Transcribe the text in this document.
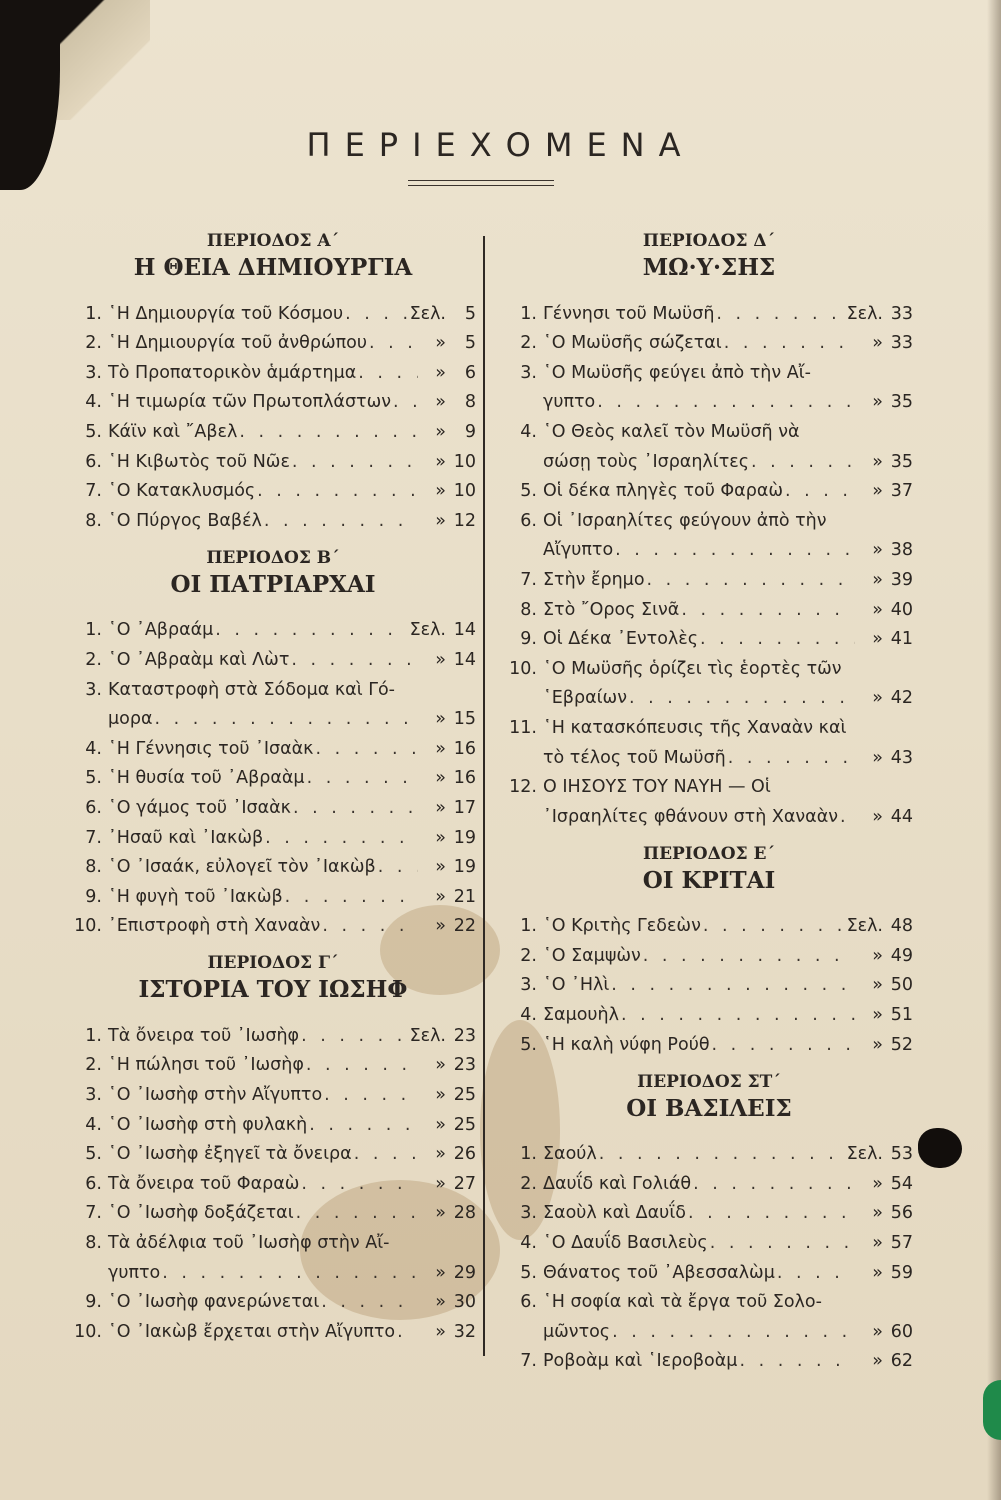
ΠΕΡΙΕΧΟΜΕΝΑ
ΠΕΡΙΟΔΟΣ Α΄
Η ΘΕΙΑ ΔΗΜΙΟΥΡΓΙΑ
1. ῾Η Δημιουργία τοῦ Κόσμου . . .	Σελ. 5
2. ῾Η Δημιουργία τοῦ ἀνθρώπου . . .	» 5
3. Τὸ Προπατορικὸν ἁμάρτημα . . .	» 6
4. ῾Η τιμωρία τῶν Πρωτοπλάστων . . .	» 8
5. Κάϊν καὶ ῎Αβελ . . .	» 9
6. ῾Η Κιβωτὸς τοῦ Νῶε . . .	» 10
7. ῾Ο Κατακλυσμός . . .	» 10
8. ῾Ο Πύργος Βαβέλ . . .	» 12
ΠΕΡΙΟΔΟΣ Β΄
ΟΙ ΠΑΤΡΙΑΡΧΑΙ
1. ῾Ο ᾿Αβραάμ . . .	Σελ. 14
2. ῾Ο ᾿Αβραὰμ καὶ Λὼτ . . .	» 14
3. Καταστροφὴ στὰ Σόδομα καὶ Γό-
μορα . . .	» 15
4. ῾Η Γέννησις τοῦ ᾿Ισαὰκ . . .	» 16
5. ῾Η θυσία τοῦ ᾿Αβραὰμ . . .	» 16
6. ῾Ο γάμος τοῦ ᾿Ισαὰκ . . .	» 17
7. ᾿Ησαῦ καὶ ᾿Ιακὼβ . . .	» 19
8. ῾Ο ᾿Ισαάκ, εὐλογεῖ τὸν ᾿Ιακὼβ . . .	» 19
9. ῾Η φυγὴ τοῦ ᾿Ιακὼβ . . .	» 21
10. ᾿Επιστροφὴ στὴ Χαναὰν . . .	» 22
ΠΕΡΙΟΔΟΣ Γ΄
ΙΣΤΟΡΙΑ ΤΟΥ ΙΩΣΗΦ
1. Τὰ ὄνειρα τοῦ ᾿Ιωσὴφ . . .	Σελ. 23
2. ῾Η πώλησι τοῦ ᾿Ιωσὴφ . . .	» 23
3. ῾Ο ᾿Ιωσὴφ στὴν Αἴγυπτο . . .	» 25
4. ῾Ο ᾿Ιωσὴφ στὴ φυλακὴ . . .	» 25
5. ῾Ο ᾿Ιωσὴφ ἐξηγεῖ τὰ ὄνειρα . . .	» 26
6. Τὰ ὄνειρα τοῦ Φαραὼ . . .	» 27
7. ῾Ο ᾿Ιωσὴφ δοξάζεται . . .	» 28
8. Τὰ ἀδέλφια τοῦ ᾿Ιωσὴφ στὴν Αἴ-
γυπτο . . .	» 29
9. ῾Ο ᾿Ιωσὴφ φανερώνεται . . .	» 30
10. ῾Ο ᾿Ιακὼβ ἔρχεται στὴν Αἴγυπτο . . .	» 32
ΠΕΡΙΟΔΟΣ Δ΄
ΜΩ·Υ·ΣΗΣ
1. Γέννησι τοῦ Μωϋσῆ . . .	Σελ. 33
2. ῾Ο Μωϋσῆς σώζεται . . .	» 33
3. ῾Ο Μωϋσῆς φεύγει ἀπὸ τὴν Αἴ-
γυπτο . . .	» 35
4. ῾Ο Θεὸς καλεῖ τὸν Μωϋσῆ νὰ
σώσῃ τοὺς ᾿Ισραηλίτες . . .	» 35
5. Οἱ δέκα πληγὲς τοῦ Φαραὼ . . .	» 37
6. Οἱ ᾿Ισραηλίτες φεύγουν ἀπὸ τὴν
Αἴγυπτο . . .	» 38
7. Στὴν ἔρημο . . .	» 39
8. Στὸ ῎Ορος Σινᾶ . . .	» 40
9. Οἱ Δέκα ᾿Εντολὲς . . .	» 41
10. ῾Ο Μωϋσῆς ὁρίζει τὶς ἑορτὲς τῶν
῾Εβραίων . . .	» 42
11. ῾Η κατασκόπευσις τῆς Χαναὰν καὶ
τὸ τέλος τοῦ Μωϋσῆ . . .	» 43
12. Ο ΙΗΣΟΥΣ ΤΟΥ ΝΑΥΗ — Οἱ
᾿Ισραηλίτες φθάνουν στὴ Χαναὰν . . .	» 44
ΠΕΡΙΟΔΟΣ Ε΄
ΟΙ ΚΡΙΤΑΙ
1. ῾Ο Κριτὴς Γεδεὼν . . .	Σελ. 48
2. ῾Ο Σαμψὼν . . .	» 49
3. ῾Ο ᾿Ηλὶ . . .	» 50
4. Σαμουὴλ . . .	» 51
5. ῾Η καλὴ νύφη Ρούθ . . .	» 52
ΠΕΡΙΟΔΟΣ ΣΤ΄
ΟΙ ΒΑΣΙΛΕΙΣ
1. Σαούλ . . .	Σελ. 53
2. Δαυΐδ καὶ Γολιάθ . . .	» 54
3. Σαοὺλ καὶ Δαυΐδ . . .	» 56
4. ῾Ο Δαυΐδ Βασιλεὺς . . .	» 57
5. Θάνατος τοῦ ᾿Αβεσσαλὼμ . . .	» 59
6. ῾Η σοφία καὶ τὰ ἔργα τοῦ Σολο-
μῶντος . . .	» 60
7. Ροβοὰμ καὶ ῾Ιεροβοὰμ . . .	» 62
